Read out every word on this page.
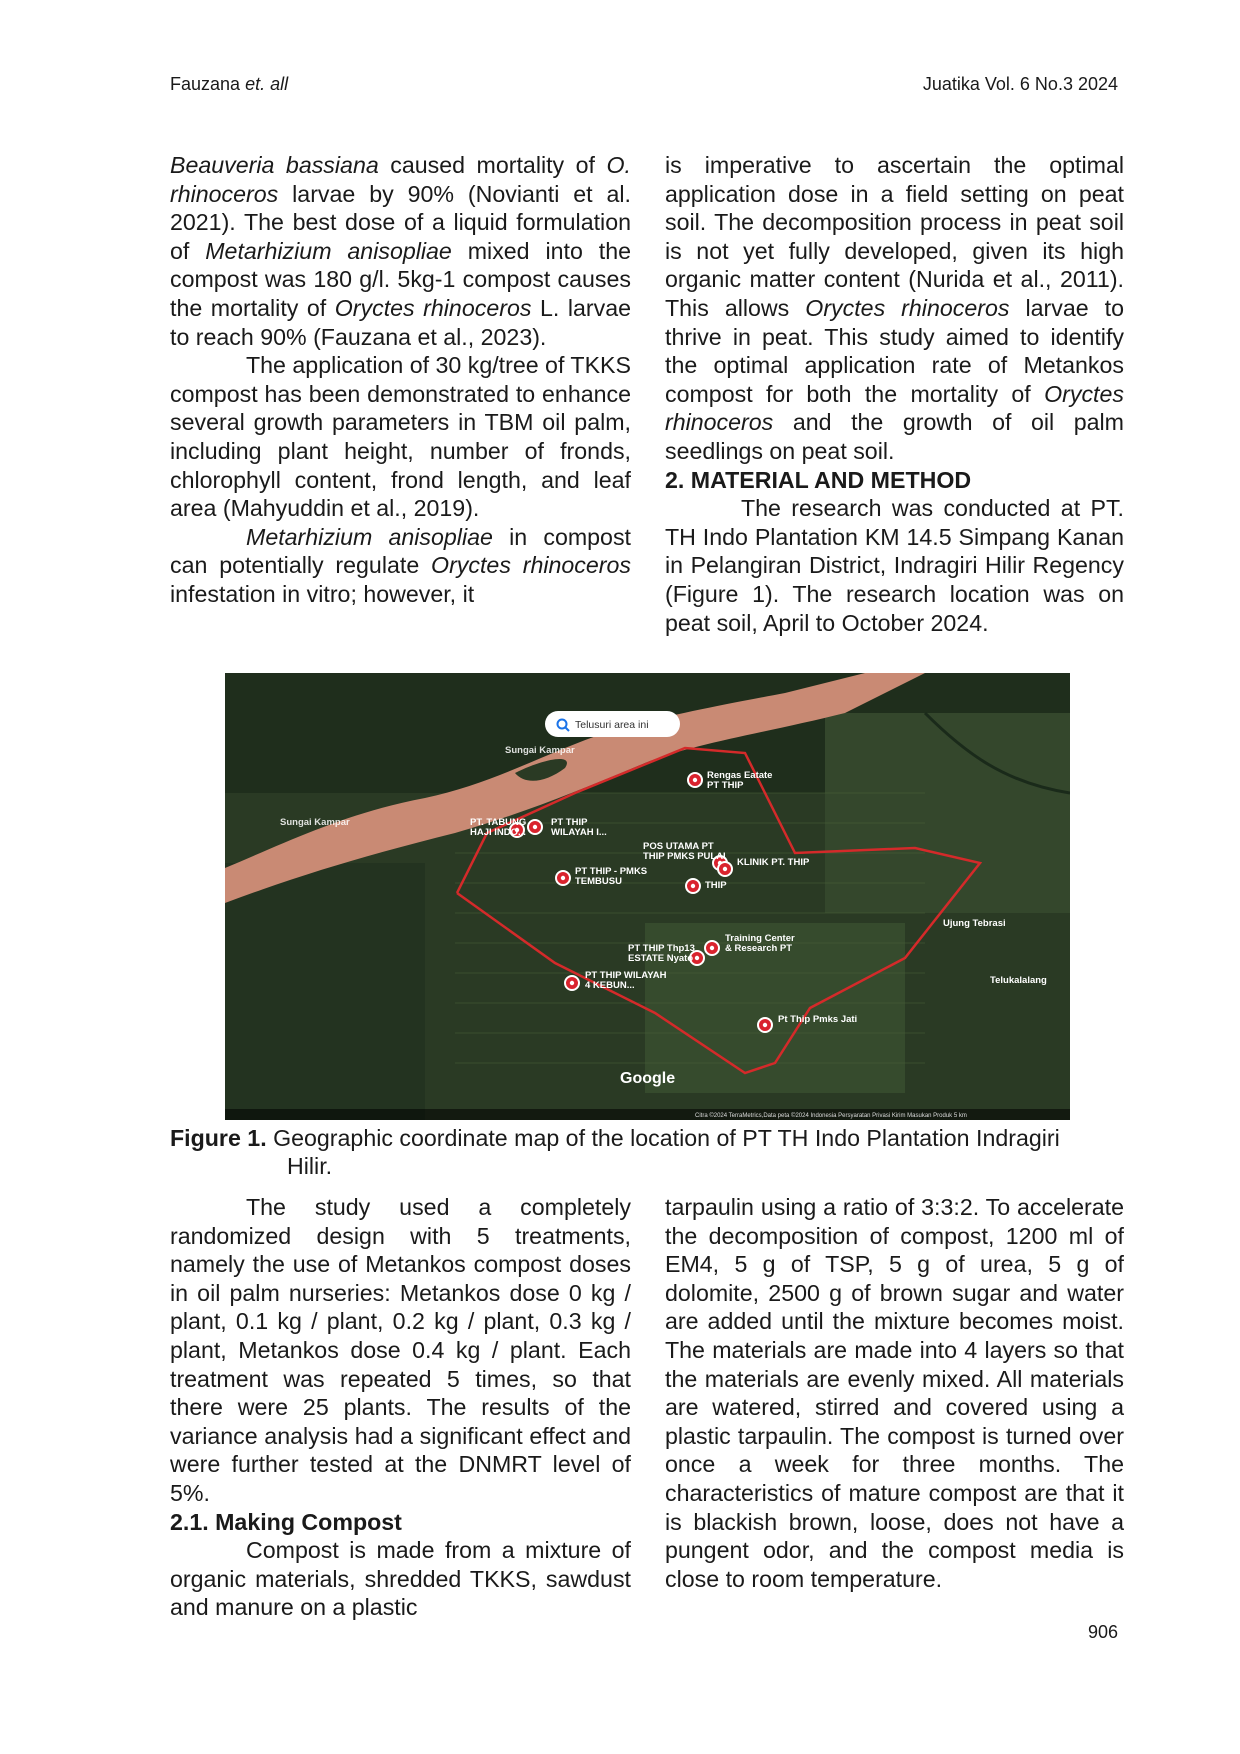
Fauzana et. all	Juatika Vol. 6 No.3 2024

Beauveria bassiana caused mortality of O. rhinoceros larvae by 90% (Novianti et al. 2021). The best dose of a liquid formulation of Metarhizium anisopliae mixed into the compost was 180 g/l. 5kg-1 compost causes the mortality of Oryctes rhinoceros L. larvae to reach 90% (Fauzana et al., 2023).

The application of 30 kg/tree of TKKS compost has been demonstrated to enhance several growth parameters in TBM oil palm, including plant height, number of fronds, chlorophyll content, frond length, and leaf area (Mahyuddin et al., 2019).

Metarhizium anisopliae in compost can potentially regulate Oryctes rhinoceros infestation in vitro; however, it

is imperative to ascertain the optimal application dose in a field setting on peat soil. The decomposition process in peat soil is not yet fully developed, given its high organic matter content (Nurida et al., 2011). This allows Oryctes rhinoceros larvae to thrive in peat. This study aimed to identify the optimal application rate of Metankos compost for both the mortality of Oryctes rhinoceros and the growth of oil palm seedlings on peat soil.

2. MATERIAL AND METHOD

The research was conducted at PT. TH Indo Plantation KM 14.5 Simpang Kanan in Pelangiran District, Indragiri Hilir Regency (Figure 1). The research location was on peat soil, April to October 2024.

Telusuri area ini
Sungai Kampar
Sungai Kampar
Ujung Tebrasi
Telukalalang
Rengas Eatate
PT THIP
PT. TABUNG
HAJI INDO...
PT THIP
WILAYAH I...
POS UTAMA PT
THIP PMKS PULAI
KLINIK PT. THIP
PT THIP - PMKS
TEMBUSU	THIP
Training Center
& Research PT
PT THIP Thp13
ESTATE Nyato
PT THIP WILAYAH
4 KEBUN...
Pt Thip Pmks Jati
Google
Citra ©2024 TerraMetrics,Data peta ©2024 Indonesia Persyaratan Privasi Kirim Masukan Produk 5 km
Figure 1. Geographic coordinate map of the location of PT TH Indo Plantation Indragiri
Hilir.

The study used a completely randomized design with 5 treatments, namely the use of Metankos compost doses in oil palm nurseries: Metankos dose 0 kg / plant, 0.1 kg / plant, 0.2 kg / plant, 0.3 kg / plant, Metankos dose 0.4 kg / plant. Each treatment was repeated 5 times, so that there were 25 plants. The results of the variance analysis had a significant effect and were further tested at the DNMRT level of 5%.

2.1. Making Compost

Compost is made from a mixture of organic materials, shredded TKKS, sawdust and manure on a plastic

tarpaulin using a ratio of 3:3:2. To accelerate the decomposition of compost, 1200 ml of EM4, 5 g of TSP, 5 g of urea, 5 g of dolomite, 2500 g of brown sugar and water are added until the mixture becomes moist. The materials are made into 4 layers so that the materials are evenly mixed. All materials are watered, stirred and covered using a plastic tarpaulin. The compost is turned over once a week for three months. The characteristics of mature compost are that it is blackish brown, loose, does not have a pungent odor, and the compost media is close to room temperature.

906
